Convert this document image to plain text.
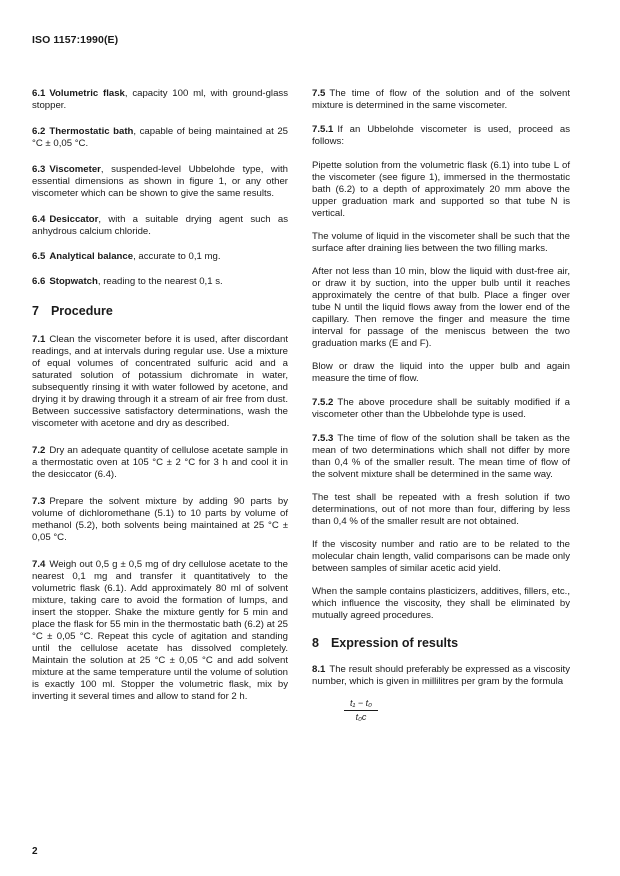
ISO 1157:1990(E)

6.1 Volumetric flask, capacity 100 ml, with ground-glass stopper.

6.2 Thermostatic bath, capable of being maintained at 25 °C ± 0,05 °C.

6.3 Viscometer, suspended-level Ubbelohde type, with essential dimensions as shown in figure 1, or any other viscometer which can be shown to give the same results.

6.4 Desiccator, with a suitable drying agent such as anhydrous calcium chloride.

6.5 Analytical balance, accurate to 0,1 mg.

6.6 Stopwatch, reading to the nearest 0,1 s.

7 Procedure

7.1 Clean the viscometer before it is used, after discordant readings, and at intervals during regular use. Use a mixture of equal volumes of concentrated sulfuric acid and a saturated solution of potassium dichromate in water, subsequently rinsing it with water followed by acetone, and drying it by drawing through it a stream of air free from dust. Between successive satisfactory determinations, wash the viscometer with acetone and dry as described.

7.2 Dry an adequate quantity of cellulose acetate sample in a thermostatic oven at 105 °C ± 2 °C for 3 h and cool it in the desiccator (6.4).

7.3 Prepare the solvent mixture by adding 90 parts by volume of dichloromethane (5.1) to 10 parts by volume of methanol (5.2), both solvents being maintained at 25 °C ± 0,05 °C.

7.4 Weigh out 0,5 g ± 0,5 mg of dry cellulose acetate to the nearest 0,1 mg and transfer it quantitatively to the volumetric flask (6.1). Add approximately 80 ml of solvent mixture, taking care to avoid the formation of lumps, and insert the stopper. Shake the mixture gently for 5 min and place the flask for 55 min in the thermostatic bath (6.2) at 25 °C ± 0,05 °C. Repeat this cycle of agitation and standing until the cellulose acetate has dissolved completely. Maintain the solution at 25 °C ± 0,05 °C and add solvent mixture at the same temperature until the volume of solution is exactly 100 ml. Stopper the volumetric flask, mix by inverting it several times and allow to stand for 2 h.

7.5 The time of flow of the solution and of the solvent mixture is determined in the same viscometer.

7.5.1 If an Ubbelohde viscometer is used, proceed as follows:

Pipette solution from the volumetric flask (6.1) into tube L of the viscometer (see figure 1), immersed in the thermostatic bath (6.2) to a depth of approximately 20 mm above the upper graduation mark and supported so that tube N is vertical.

The volume of liquid in the viscometer shall be such that the surface after draining lies between the two filling marks.

After not less than 10 min, blow the liquid with dust-free air, or draw it by suction, into the upper bulb until it reaches approximately the centre of that bulb. Place a finger over tube N until the liquid flows away from the lower end of the capillary. Then remove the finger and measure the time interval for passage of the meniscus between the two graduation marks (E and F).

Blow or draw the liquid into the upper bulb and again measure the time of flow.

7.5.2 The above procedure shall be suitably modified if a viscometer other than the Ubbelohde type is used.

7.5.3 The time of flow of the solution shall be taken as the mean of two determinations which shall not differ by more than 0,4 % of the smaller result. The mean time of flow of the solvent mixture shall be determined in the same way.

The test shall be repeated with a fresh solution if two determinations, out of not more than four, differing by less than 0,4 % of the smaller result are not obtained.

If the viscosity number and ratio are to be related to the molecular chain length, valid comparisons can be made only between samples of similar acetic acid yield.

When the sample contains plasticizers, additives, fillers, etc., which influence the viscosity, they shall be eliminated by mutually agreed procedures.

8 Expression of results

8.1 The result should preferably be expressed as a viscosity number, which is given in millilitres per gram by the formula

t₁ − t₀
t₀c
2
